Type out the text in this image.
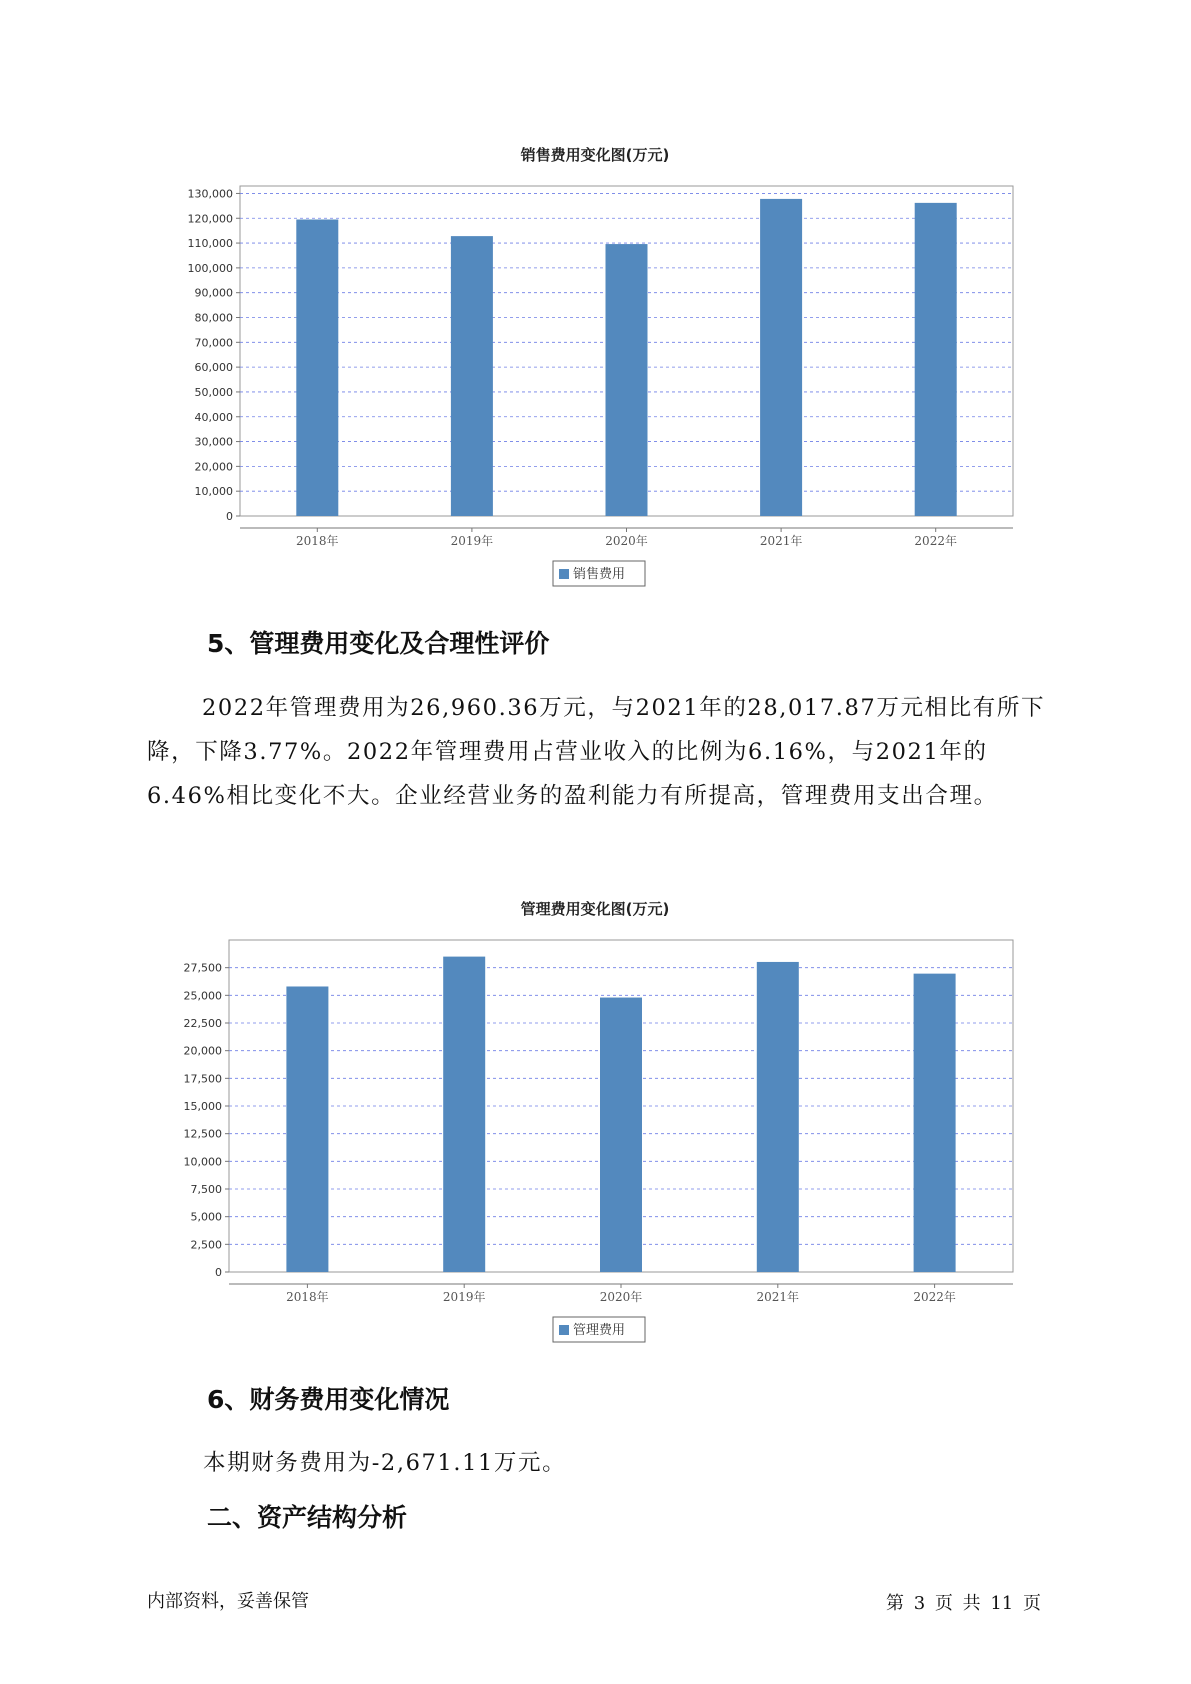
销售费用变化图(万元)
0
10,000
20,000
30,000
40,000
50,000
60,000
70,000
80,000
90,000
100,000
110,000
120,000
130,000
2018年	2019年	2020年	2021年	2022年
销售费用
管理费用变化图(万元)
0
2,500
5,000
7,500
10,000
12,500
15,000
17,500
20,000
22,500
25,000
27,500
2018年	2019年	2020年	2021年	2022年
管理费用
5、管理费用变化及合理性评价

2022年管理费用为26,960.36万元，与2021年的28,017.87万元相比有所下降，下降3.77%。2022年管理费用占营业收入的比例为6.16%，与2021年的6.46%相比变化不大。企业经营业务的盈利能力有所提高，管理费用支出合理。

6、财务费用变化情况

本期财务费用为-2,671.11万元。

二、资产结构分析
内部资料，妥善保管	第 3 页 共 11 页
